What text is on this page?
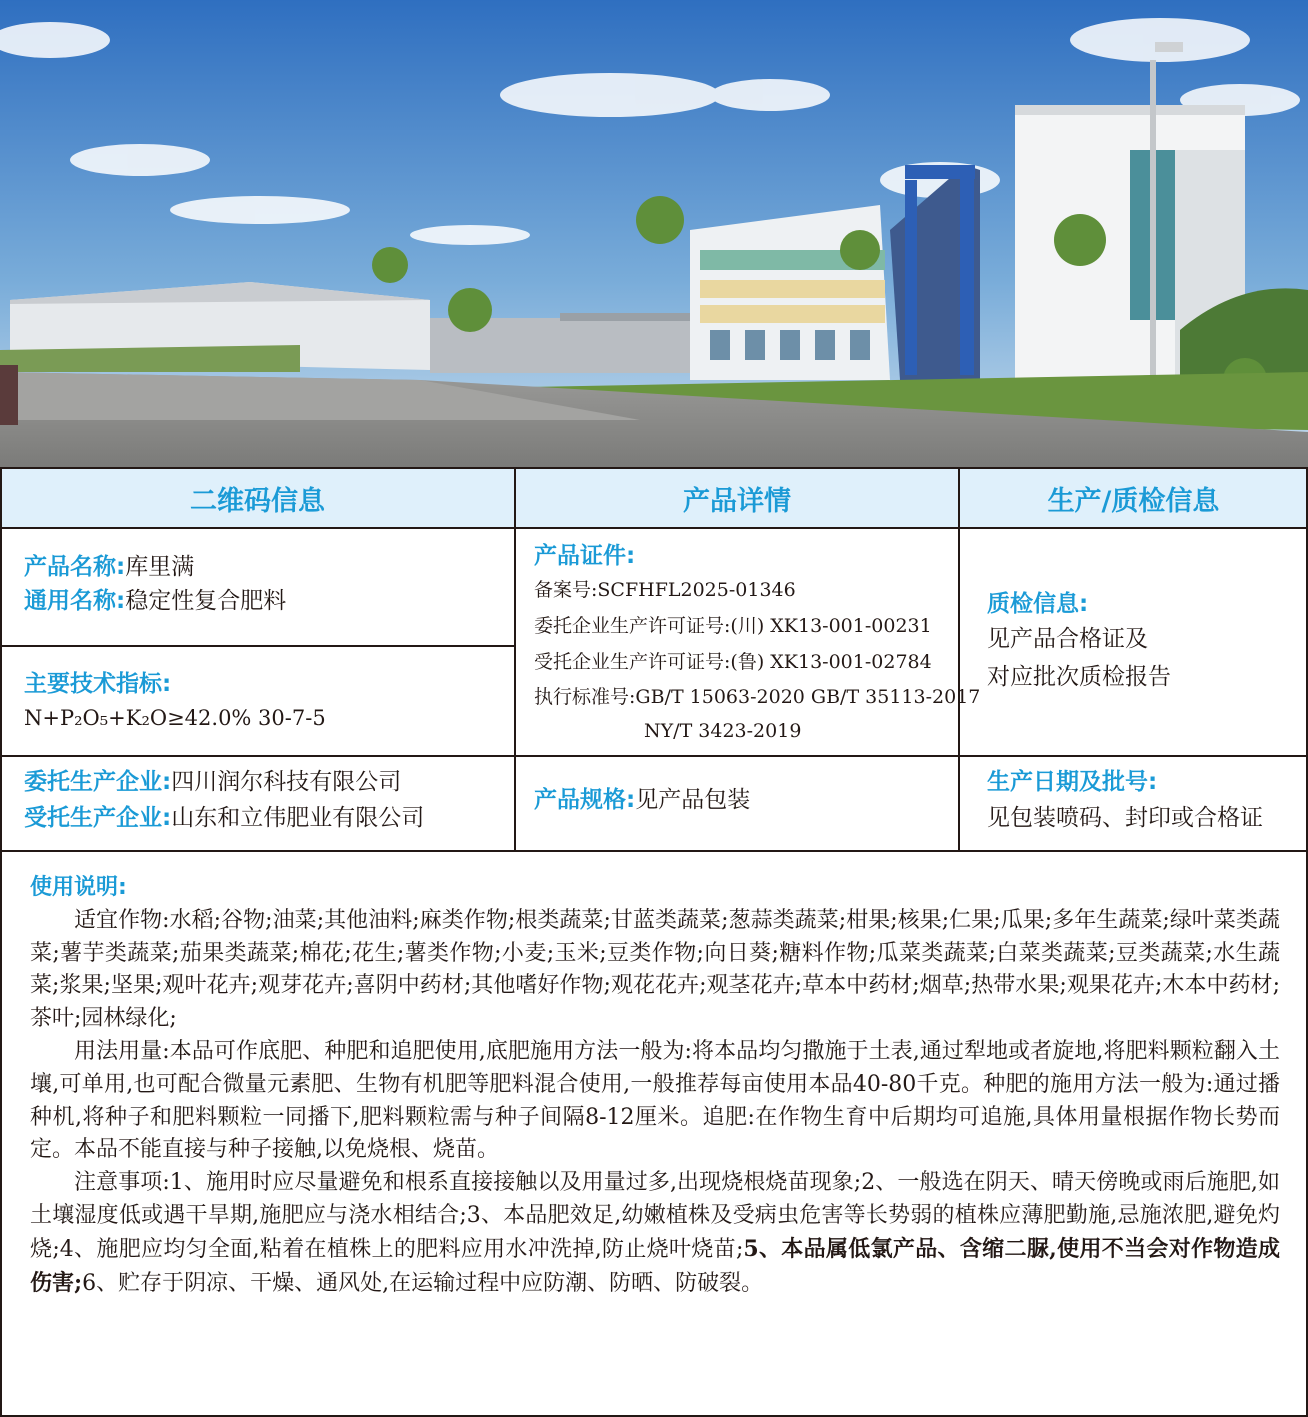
二维码信息	产品详情	生产/质检信息
产品名称:库里满
通用名称:稳定性复合肥料
主要技术指标:
N+P₂O₅+K₂O≥42.0% 30-7-5
委托生产企业:四川润尔科技有限公司
受托生产企业:山东和立伟肥业有限公司
产品证件:
备案号:SCFHFL2025-01346
委托企业生产许可证号:(川) XK13-001-00231
受托企业生产许可证号:(鲁) XK13-001-02784
执行标准号:GB/T 15063-2020 GB/T 35113-2017
NY/T 3423-2019
产品规格:见产品包装
质检信息:
见产品合格证及
对应批次质检报告
生产日期及批号:
见包装喷码、封印或合格证

使用说明:

适宜作物:水稻;谷物;油菜;其他油料;麻类作物;根类蔬菜;甘蓝类蔬菜;葱蒜类蔬菜;柑果;核果;仁果;瓜果;多年生蔬菜;绿叶菜类蔬菜;薯芋类蔬菜;茄果类蔬菜;棉花;花生;薯类作物;小麦;玉米;豆类作物;向日葵;糖料作物;瓜菜类蔬菜;白菜类蔬菜;豆类蔬菜;水生蔬菜;浆果;坚果;观叶花卉;观芽花卉;喜阴中药材;其他嗜好作物;观花花卉;观茎花卉;草本中药材;烟草;热带水果;观果花卉;木本中药材;茶叶;园林绿化;

用法用量:本品可作底肥、种肥和追肥使用,底肥施用方法一般为:将本品均匀撒施于土表,通过犁地或者旋地,将肥料颗粒翻入土壤,可单用,也可配合微量元素肥、生物有机肥等肥料混合使用,一般推荐每亩使用本品40-80千克。种肥的施用方法一般为:通过播种机,将种子和肥料颗粒一同播下,肥料颗粒需与种子间隔8-12厘米。追肥:在作物生育中后期均可追施,具体用量根据作物长势而定。本品不能直接与种子接触,以免烧根、烧苗。

注意事项:1、施用时应尽量避免和根系直接接触以及用量过多,出现烧根烧苗现象;2、一般选在阴天、晴天傍晚或雨后施肥,如土壤湿度低或遇干旱期,施肥应与浇水相结合;3、本品肥效足,幼嫩植株及受病虫危害等长势弱的植株应薄肥勤施,忌施浓肥,避免灼烧;4、施肥应均匀全面,粘着在植株上的肥料应用水冲洗掉,防止烧叶烧苗;5、本品属低氯产品、含缩二脲,使用不当会对作物造成伤害;6、贮存于阴凉、干燥、通风处,在运输过程中应防潮、防晒、防破裂。
